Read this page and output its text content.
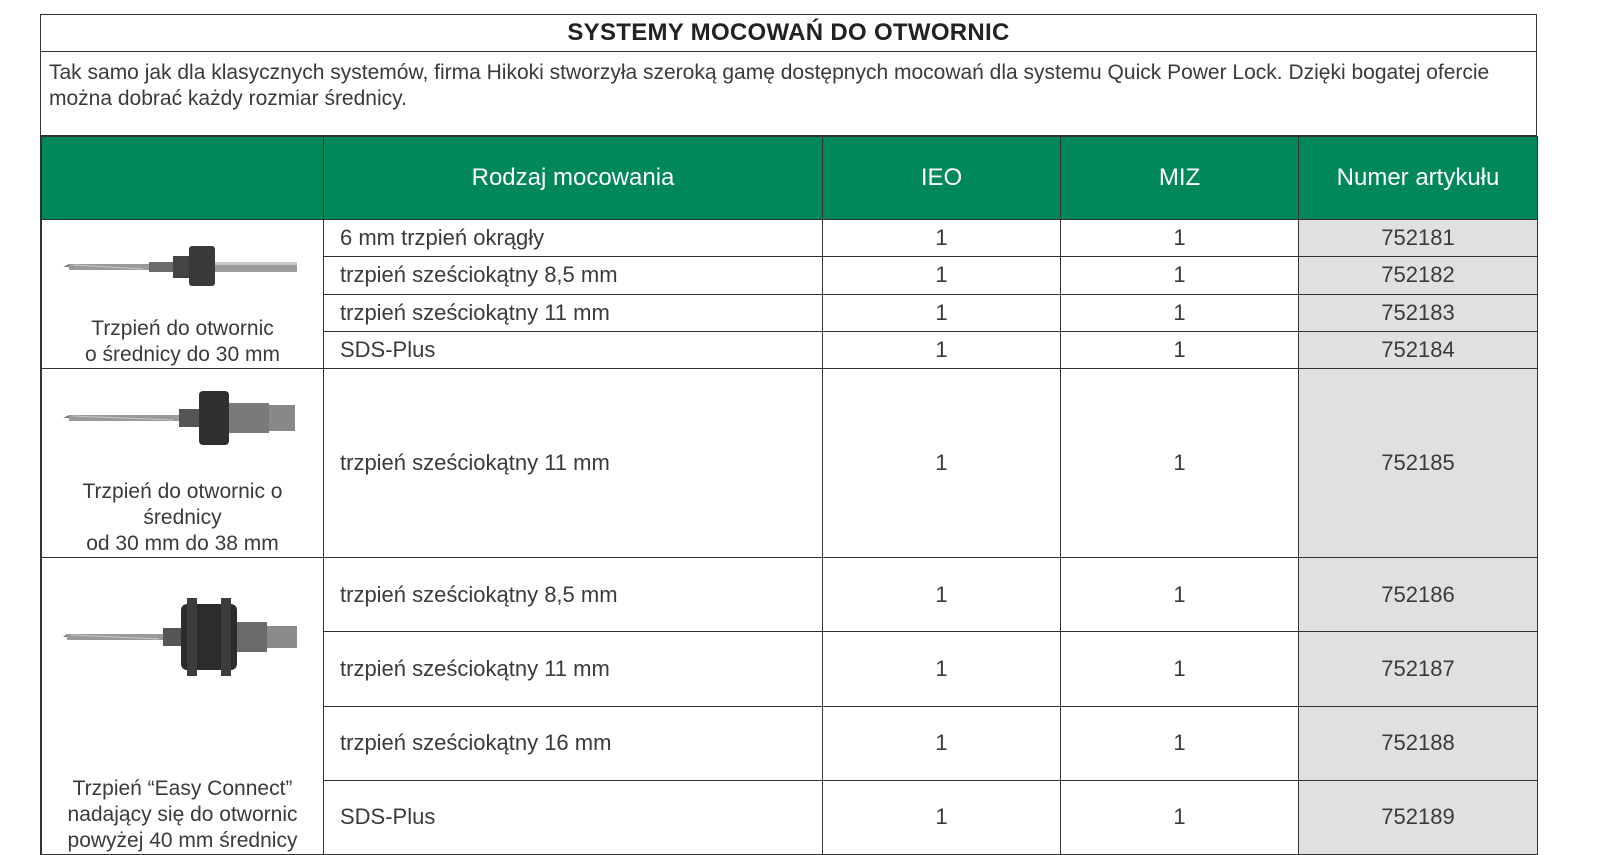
SYSTEMY MOCOWAŃ DO OTWORNIC
Tak samo jak dla klasycznych systemów, firma Hikoki stworzyła szeroką gamę dostępnych mocowań dla systemu Quick Power Lock. Dzięki bogatej ofercie można dobrać każdy rozmiar średnicy.
	Rodzaj mocowania	IEO	MIZ	Numer artykułu

Trzpień do otwornic
o średnicy do 30 mm	6 mm trzpień okrągły	1	1	752181
	trzpień sześciokątny 8,5 mm	1	1	752182
	trzpień sześciokątny 11 mm	1	1	752183
	SDS-Plus	1	1	752184

Trzpień do otwornic o średnicy
od 30 mm do 38 mm	trzpień sześciokątny 11 mm	1	1	752185

Trzpień “Easy Connect”
nadający się do otwornic
powyżej 40 mm średnicy	trzpień sześciokątny 8,5 mm	1	1	752186
	trzpień sześciokątny 11 mm	1	1	752187
	trzpień sześciokątny 16 mm	1	1	752188
	SDS-Plus	1	1	752189
